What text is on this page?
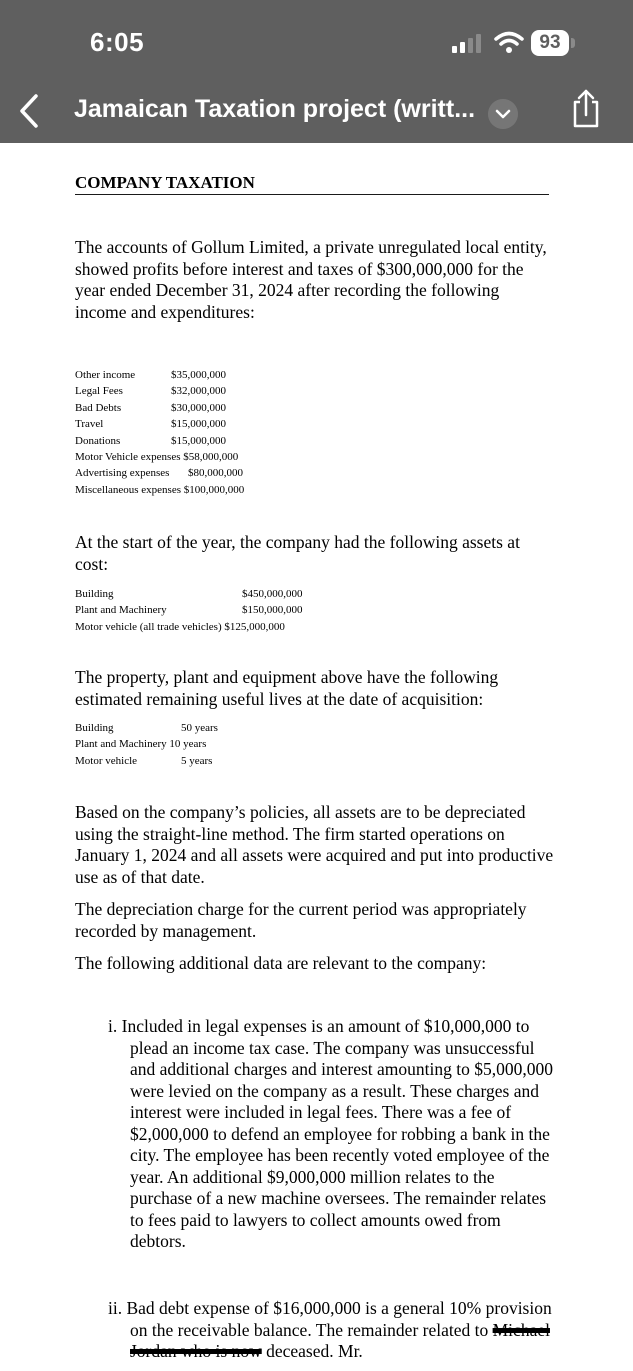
6:05	93
Jamaican Taxation project (writt...
COMPANY TAXATION

The accounts of Gollum Limited, a private unregulated local entity, showed profits before interest and taxes of $300,000,000 for the year ended December 31, 2024 after recording the following income and expenditures:

Other income	$35,000,000
Legal Fees	$32,000,000
Bad Debts	$30,000,000
Travel	$15,000,000
Donations	$15,000,000
Motor Vehicle expenses $58,000,000
Advertising expenses $80,000,000
Miscellaneous expenses $100,000,000

At the start of the year, the company had the following assets at cost:

Building	$450,000,000
Plant and Machinery	$150,000,000
Motor vehicle (all trade vehicles) $125,000,000

The property, plant and equipment above have the following estimated remaining useful lives at the date of acquisition:

Building	50 years
Plant and Machinery 10 years
Motor vehicle	5 years

Based on the company’s policies, all assets are to be depreciated using the straight-line method. The firm started operations on January 1, 2024 and all assets were acquired and put into productive use as of that date.

The depreciation charge for the current period was appropriately recorded by management.

The following additional data are relevant to the company:

i. Included in legal expenses is an amount of $10,000,000 to plead an income tax case. The company was unsuccessful and additional charges and interest amounting to $5,000,000 were levied on the company as a result. These charges and interest were included in legal fees. There was a fee of $2,000,000 to defend an employee for robbing a bank in the city. The employee has been recently voted employee of the year. An additional $9,000,000 million relates to the purchase of a new machine oversees. The remainder relates to fees paid to lawyers to collect amounts owed from debtors.
ii. Bad debt expense of $16,000,000 is a general 10% provision on the receivable balance. The remainder related to Michael Jordan who is now deceased. Mr.
